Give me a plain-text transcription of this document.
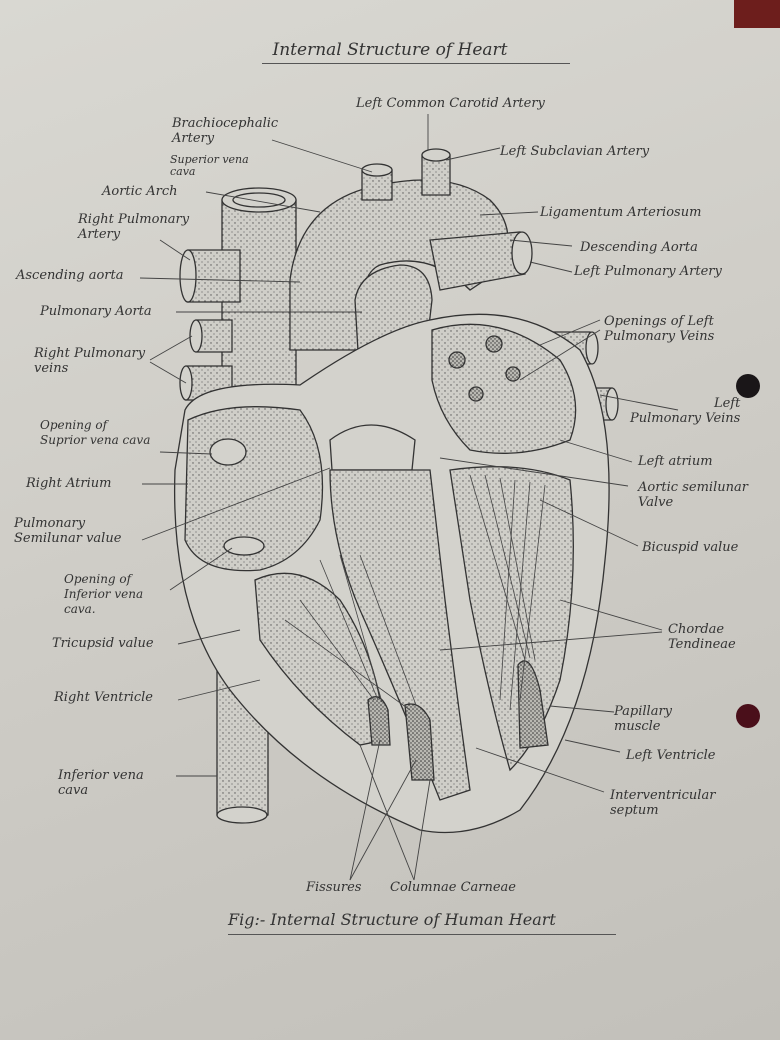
Internal Structure of Heart
Left Common Carotid Artery
Brachiocephalic
Artery
Left Subclavian Artery
Superior vena
cava
Aortic Arch
Ligamentum Arteriosum
Right Pulmonary
Artery
Descending Aorta
Ascending aorta	Left Pulmonary Artery
Pulmonary Aorta
Openings of Left
Pulmonary Veins
Right Pulmonary
veins
Left
Pulmonary Veins
Opening of
Suprior vena cava
Left atrium
Right Atrium	Aortic semilunar
Valve
Pulmonary
Semilunar value
Bicuspid value
Opening of
Inferior vena
cava.
Chordae
Tendineae
Tricupsid value
Right Ventricle
Papillary
muscle
Left Ventricle
Inferior vena
cava	Interventricular
septum
Fissures Columnae Carneae
Fig:- Internal Structure of Human Heart
